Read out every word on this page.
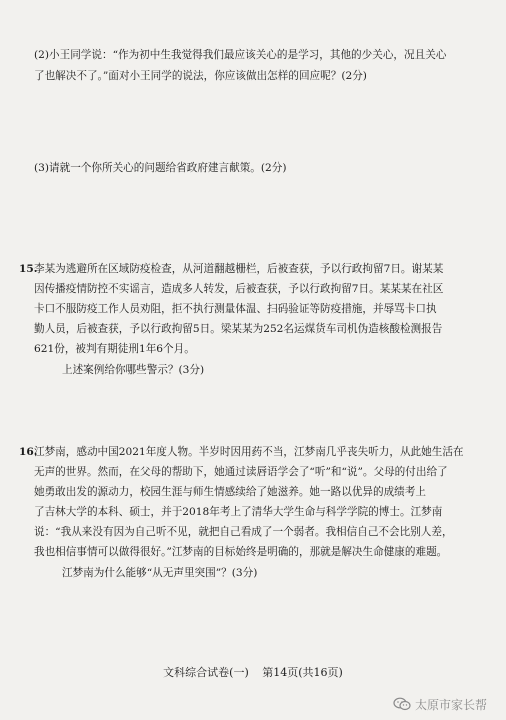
(2)小王同学说：“作为初中生我觉得我们最应该关心的是学习，其他的少关心，况且关心
了也解决不了。”面对小王同学的说法，你应该做出怎样的回应呢？(2分)
(3)请就一个你所关心的问题给省政府建言献策。(2分)
15.
李某为逃避所在区域防疫检查，从河道翻越栅栏，后被查获，予以行政拘留7日。谢某某
因传播疫情防控不实谣言，造成多人转发，后被查获，予以行政拘留7日。某某某在社区
卡口不服防疫工作人员劝阻，拒不执行测量体温、扫码验证等防疫措施，并辱骂卡口执
勤人员，后被查获，予以行政拘留5日。梁某某为252名运煤货车司机伪造核酸检测报告
621份，被判有期徒刑1年6个月。
上述案例给你哪些警示？(3分)
16.
江梦南，感动中国2021年度人物。半岁时因用药不当，江梦南几乎丧失听力，从此她生活在
无声的世界。然而，在父母的帮助下，她通过读唇语学会了“听”和“说”。父母的付出给了
她勇敢出发的源动力，校园生涯与师生情感续给了她滋养。她一路以优异的成绩考上
了吉林大学的本科、硕士，并于2018年考上了清华大学生命与科学学院的博士。江梦南
说：“我从来没有因为自己听不见，就把自己看成了一个弱者。我相信自己不会比别人差，
我也相信事情可以做得很好。”江梦南的目标始终是明确的，那就是解决生命健康的难题。
江梦南为什么能够“从无声里突围”？(3分)
文科综合试卷(一) 第14页(共16页)
太原市家长帮
